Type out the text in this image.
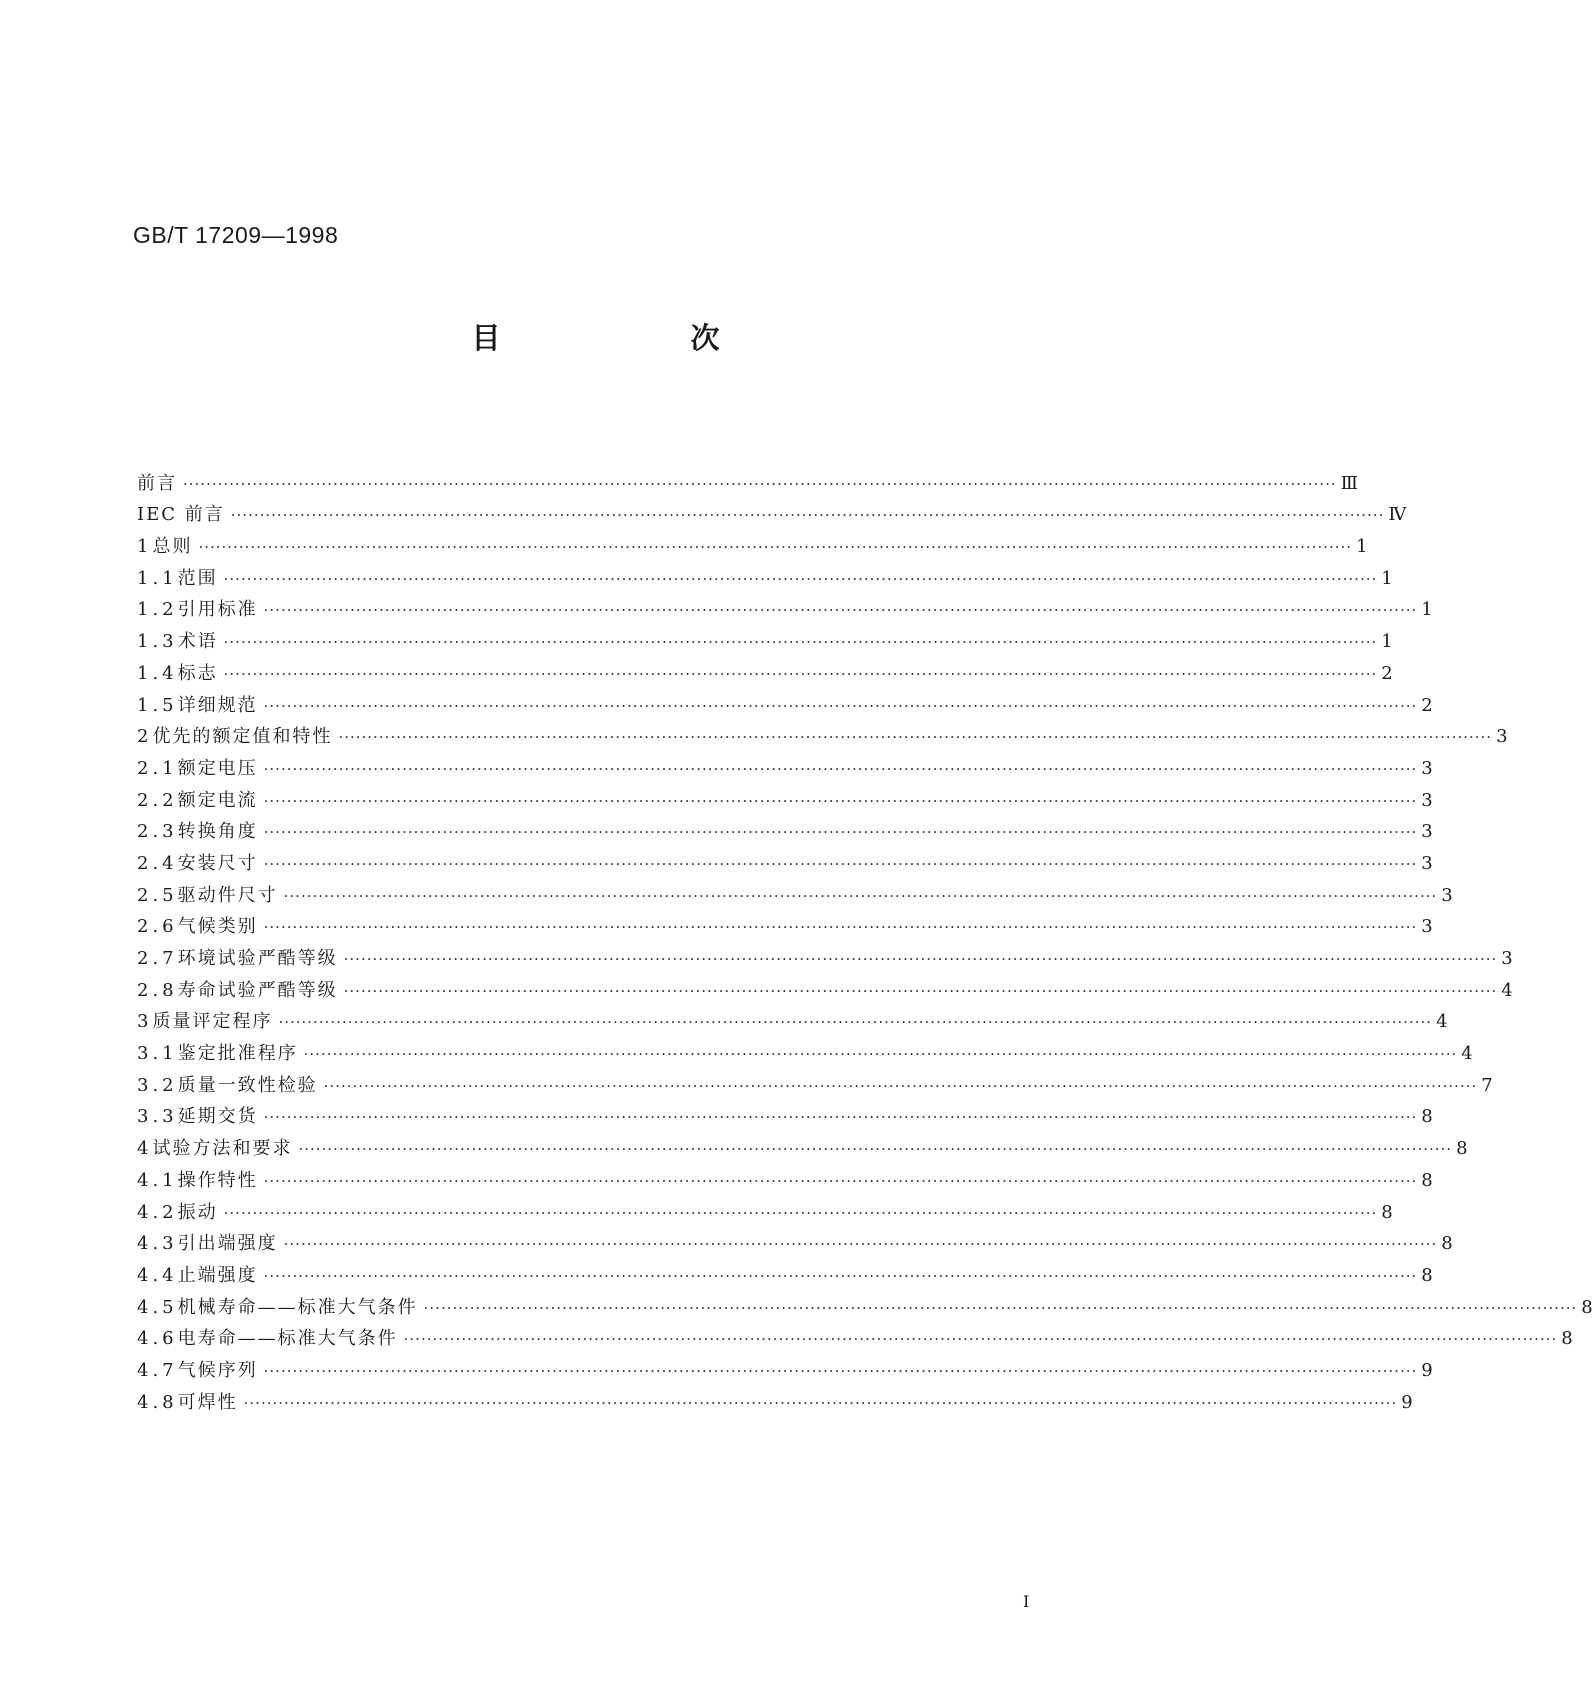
GB/T 17209—1998
目 次
前言 ········································································································································································································ Ⅲ
IEC 前言 ········································································································································································································ Ⅳ
1 总则 ········································································································································································································ 1
1.1 范围 ········································································································································································································ 1
1.2 引用标准 ········································································································································································································ 1
1.3 术语 ········································································································································································································ 1
1.4 标志 ········································································································································································································ 2
1.5 详细规范 ········································································································································································································ 2
2 优先的额定值和特性 ········································································································································································································ 3
2.1 额定电压 ········································································································································································································ 3
2.2 额定电流 ········································································································································································································ 3
2.3 转换角度 ········································································································································································································ 3
2.4 安装尺寸 ········································································································································································································ 3
2.5 驱动件尺寸 ········································································································································································································ 3
2.6 气候类别 ········································································································································································································ 3
2.7 环境试验严酷等级 ········································································································································································································ 3
2.8 寿命试验严酷等级 ········································································································································································································ 4
3 质量评定程序 ········································································································································································································ 4
3.1 鉴定批准程序 ········································································································································································································ 4
3.2 质量一致性检验 ········································································································································································································ 7
3.3 延期交货 ········································································································································································································ 8
4 试验方法和要求 ········································································································································································································ 8
4.1 操作特性 ········································································································································································································ 8
4.2 振动 ········································································································································································································ 8
4.3 引出端强度 ········································································································································································································ 8
4.4 止端强度 ········································································································································································································ 8
4.5 机械寿命——标准大气条件 ········································································································································································································ 8
4.6 电寿命——标准大气条件 ········································································································································································································ 8
4.7 气候序列 ········································································································································································································ 9
4.8 可焊性 ········································································································································································································ 9
Ⅰ
